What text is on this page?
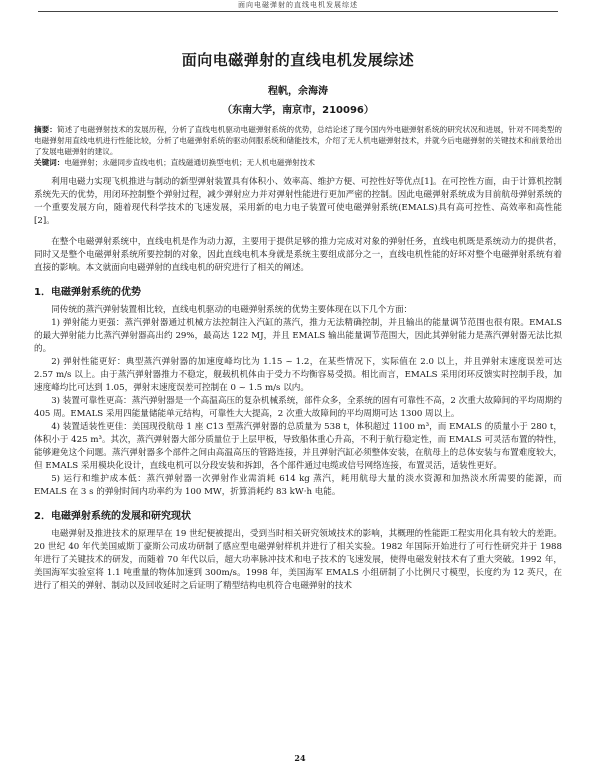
面向电磁弹射的直线电机发展综述
面向电磁弹射的直线电机发展综述
程帆，余海涛
（东南大学，南京市，210096）
摘要：简述了电磁弹射技术的发展历程，分析了直线电机驱动电磁弹射系统的优势，总结论述了现今国内外电磁弹射系统的研究状况和进展，针对不同类型的电磁弹射用直线电机进行性能比较，分析了电磁弹射系统的驱动伺服系统和储能技术，介绍了无人机电磁弹射技术，并就今后电磁弹射的关键技术和前景给出了发展电磁弹射的建议。
关键词：电磁弹射；永磁同步直线电机；直线磁通切换型电机；无人机电磁弹射技术

利用电磁力实现飞机推进与制动的新型弹射装置具有体积小、效率高、维护方便、可控性好等优点[1]。在可控性方面，由于计算机控制系统先天的优势，用闭环控制整个弹射过程，减少弹射应力并对弹射性能进行更加严密的控制。因此电磁弹射系统成为目前航母弹射系统的一个重要发展方向，随着现代科学技术的飞速发展，采用新的电力电子装置可使电磁弹射系统(EMALS)具有高可控性、高效率和高性能[2]。

在整个电磁弹射系统中，直线电机是作为动力源，主要用于提供足够的推力完成对对象的弹射任务，直线电机既是系统动力的提供者，同时又是整个电磁弹射系统所要控制的对象，因此直线电机本身就是系统主要组成部分之一，直线电机性能的好坏对整个电磁弹射系统有着直接的影响。本文就面向电磁弹射的直线电机的研究进行了相关的阐述。

1．电磁弹射系统的优势

同传统的蒸汽弹射装置相比较，直线电机驱动的电磁弹射系统的优势主要体现在以下几个方面：

1) 弹射能力更强：蒸汽弹射器通过机械方法控制注入汽缸的蒸汽，推力无法精确控制，并且输出的能量调节范围也很有限。EMALS 的最大弹射能力比蒸汽弹射器高出约 29%，最高达 122 MJ，并且 EMALS 输出能量调节范围大，因此其弹射能力是蒸汽弹射器无法比拟的。

2) 弹射性能更好：典型蒸汽弹射器的加速度峰均比为 1.15 ~ 1.2，在某些情况下，实际值在 2.0 以上，并且弹射末速度误差可达 2.57 m/s 以上。由于蒸汽弹射器推力不稳定，舰载机机体由于受力不均衡容易受损。相比而言，EMALS 采用闭环反馈实时控制手段，加速度峰均比可达到 1.05，弹射末速度误差可控制在 0 ~ 1.5 m/s 以内。

3) 装置可靠性更高：蒸汽弹射器是一个高温高压的复杂机械系统，部件众多，全系统的固有可靠性不高，2 次重大故障间的平均周期约 405 周。EMALS 采用四能量储能单元结构，可靠性大大提高，2 次重大故障间的平均周期可达 1300 周以上。

4) 装置适装性更佳：美国现役航母 1 座 C13 型蒸汽弹射器的总质量为 538 t，体积超过 1100 m³，而 EMALS 的质量小于 280 t，体积小于 425 m³。其次，蒸汽弹射器大部分质量位于上层甲板，导致船体重心升高，不利于航行稳定性，而 EMALS 可灵活布置的特性，能够避免这个问题。蒸汽弹射器多个部件之间由高温高压的管路连接，并且弹射汽缸必须整体安装，在航母上的总体安装与布置难度较大，但 EMALS 采用模块化设计，直线电机可以分段安装和拆卸，各个部件通过电缆或信号网络连接，布置灵活，适装性更好。

5) 运行和维护成本低：蒸汽弹射器一次弹射作业需消耗 614 kg 蒸汽，耗用航母大量的淡水资源和加热淡水所需要的能源，而 EMALS 在 3 s 的弹射时间内功率约为 100 MW，折算消耗约 83 kW·h 电能。

2．电磁弹射系统的发展和研究现状

电磁弹射及推进技术的原理早在 19 世纪便被提出，受到当时相关研究领域技术的影响，其概理的性能距工程实用化具有较大的差距。20 世纪 40 年代美国威斯丁豪斯公司成功研制了感应型电磁弹射样机并进行了相关实验。1982 年国际开始进行了可行性研究并于 1988 年进行了关键技术的研发，而随着 70 年代以后，超大功率脉冲技术和电子技术的飞速发展，使得电磁发射技术有了重大突破。1992 年，美国海军实验室将 1.1 吨重量的物体加速到 300m/s。1998 年，美国海军 EMALS 小组研制了小比例尺寸模型，长度约为 12 英尺，在进行了相关的弹射、制动以及回收延时之后证明了精型结构电机符合电磁弹射的技术

24
